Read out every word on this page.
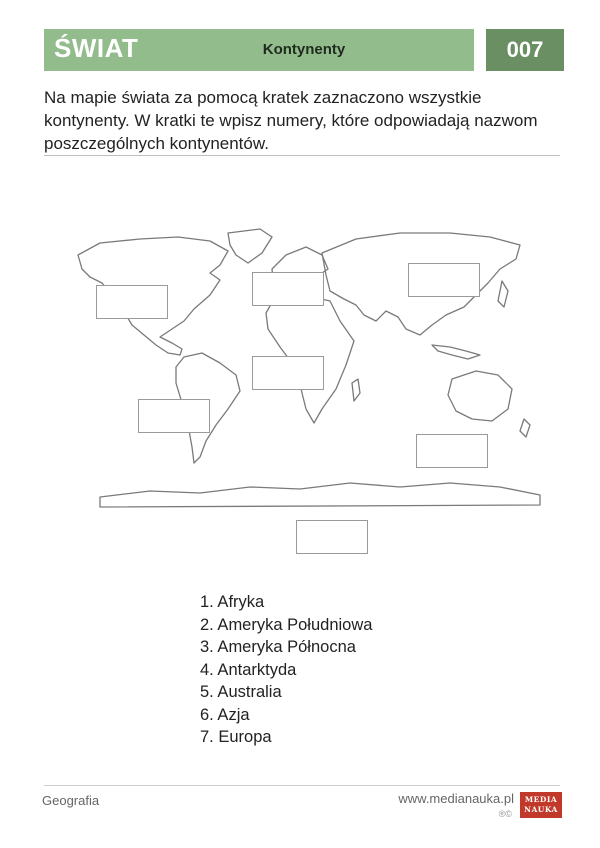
ŚWIAT	Kontynenty	007
Na mapie świata za pomocą kratek zaznaczono wszystkie kontynenty. W kratki te wpisz numery, które odpowiadają nazwom poszczególnych kontynentów.
1. Afryka
2. Ameryka Południowa
3. Ameryka Północna
4. Antarktyda
5. Australia
6. Azja
7. Europa
Geografia	www.medianauka.pl
®©
MEDIA
NAUKA
